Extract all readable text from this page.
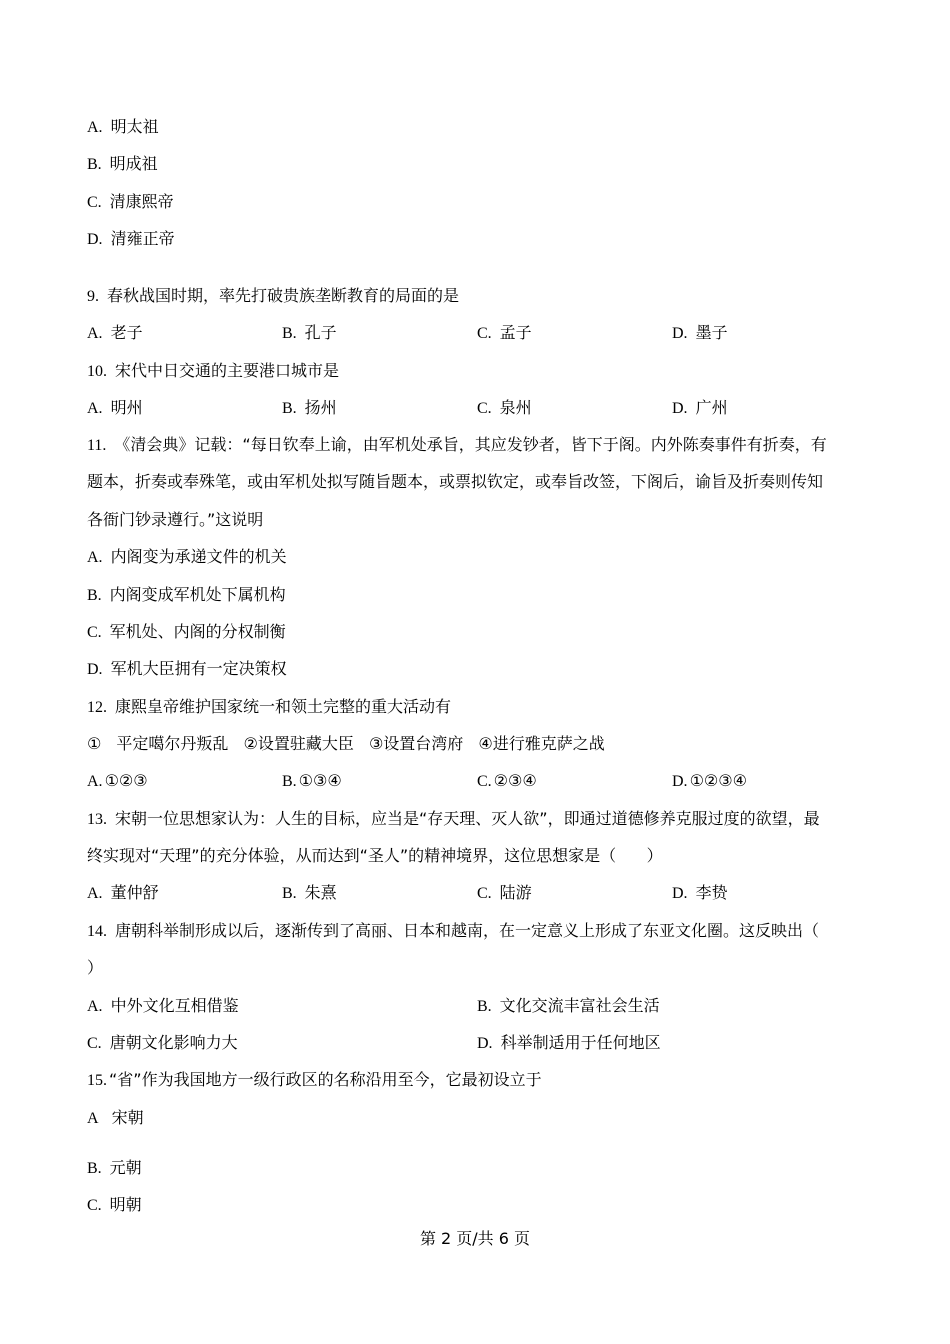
A. 明太祖
B. 明成祖
C. 清康熙帝
D. 清雍正帝
9. 春秋战国时期，率先打破贵族垄断教育的局面的是
A. 老子	B. 孔子	C. 孟子	D. 墨子
10. 宋代中日交通的主要港口城市是
A. 明州	B. 扬州	C. 泉州	D. 广州
11. 《清会典》记载：“每日钦奉上谕，由军机处承旨，其应发钞者，皆下于阁。内外陈奏事件有折奏，有
题本，折奏或奉殊笔，或由军机处拟写随旨题本，或票拟钦定，或奉旨改签，下阁后，谕旨及折奏则传知
各衙门钞录遵行。”这说明
A. 内阁变为承递文件的机关
B. 内阁变成军机处下属机构
C. 军机处、内阁的分权制衡
D. 军机大臣拥有一定决策权
12. 康熙皇帝维护国家统一和领土完整的重大活动有
① 平定噶尔丹叛乱 ②设置驻藏大臣 ③设置台湾府 ④进行雅克萨之战
A. ①②③	B. ①③④	C. ②③④	D. ①②③④
13. 宋朝一位思想家认为：人生的目标，应当是“存天理、灭人欲”，即通过道德修养克服过度的欲望，最
终实现对“天理”的充分体验，从而达到“圣人”的精神境界，这位思想家是（      ）
A. 董仲舒	B. 朱熹	C. 陆游	D. 李贽
14. 唐朝科举制形成以后，逐渐传到了高丽、日本和越南，在一定意义上形成了东亚文化圈。这反映出（
）
A. 中外文化互相借鉴	B. 文化交流丰富社会生活
C. 唐朝文化影响力大	D. 科举制适用于任何地区
15. “省”作为我国地方一级行政区的名称沿用至今，它最初设立于
A 宋朝
B. 元朝
C. 明朝
第 2 页/共 6 页
